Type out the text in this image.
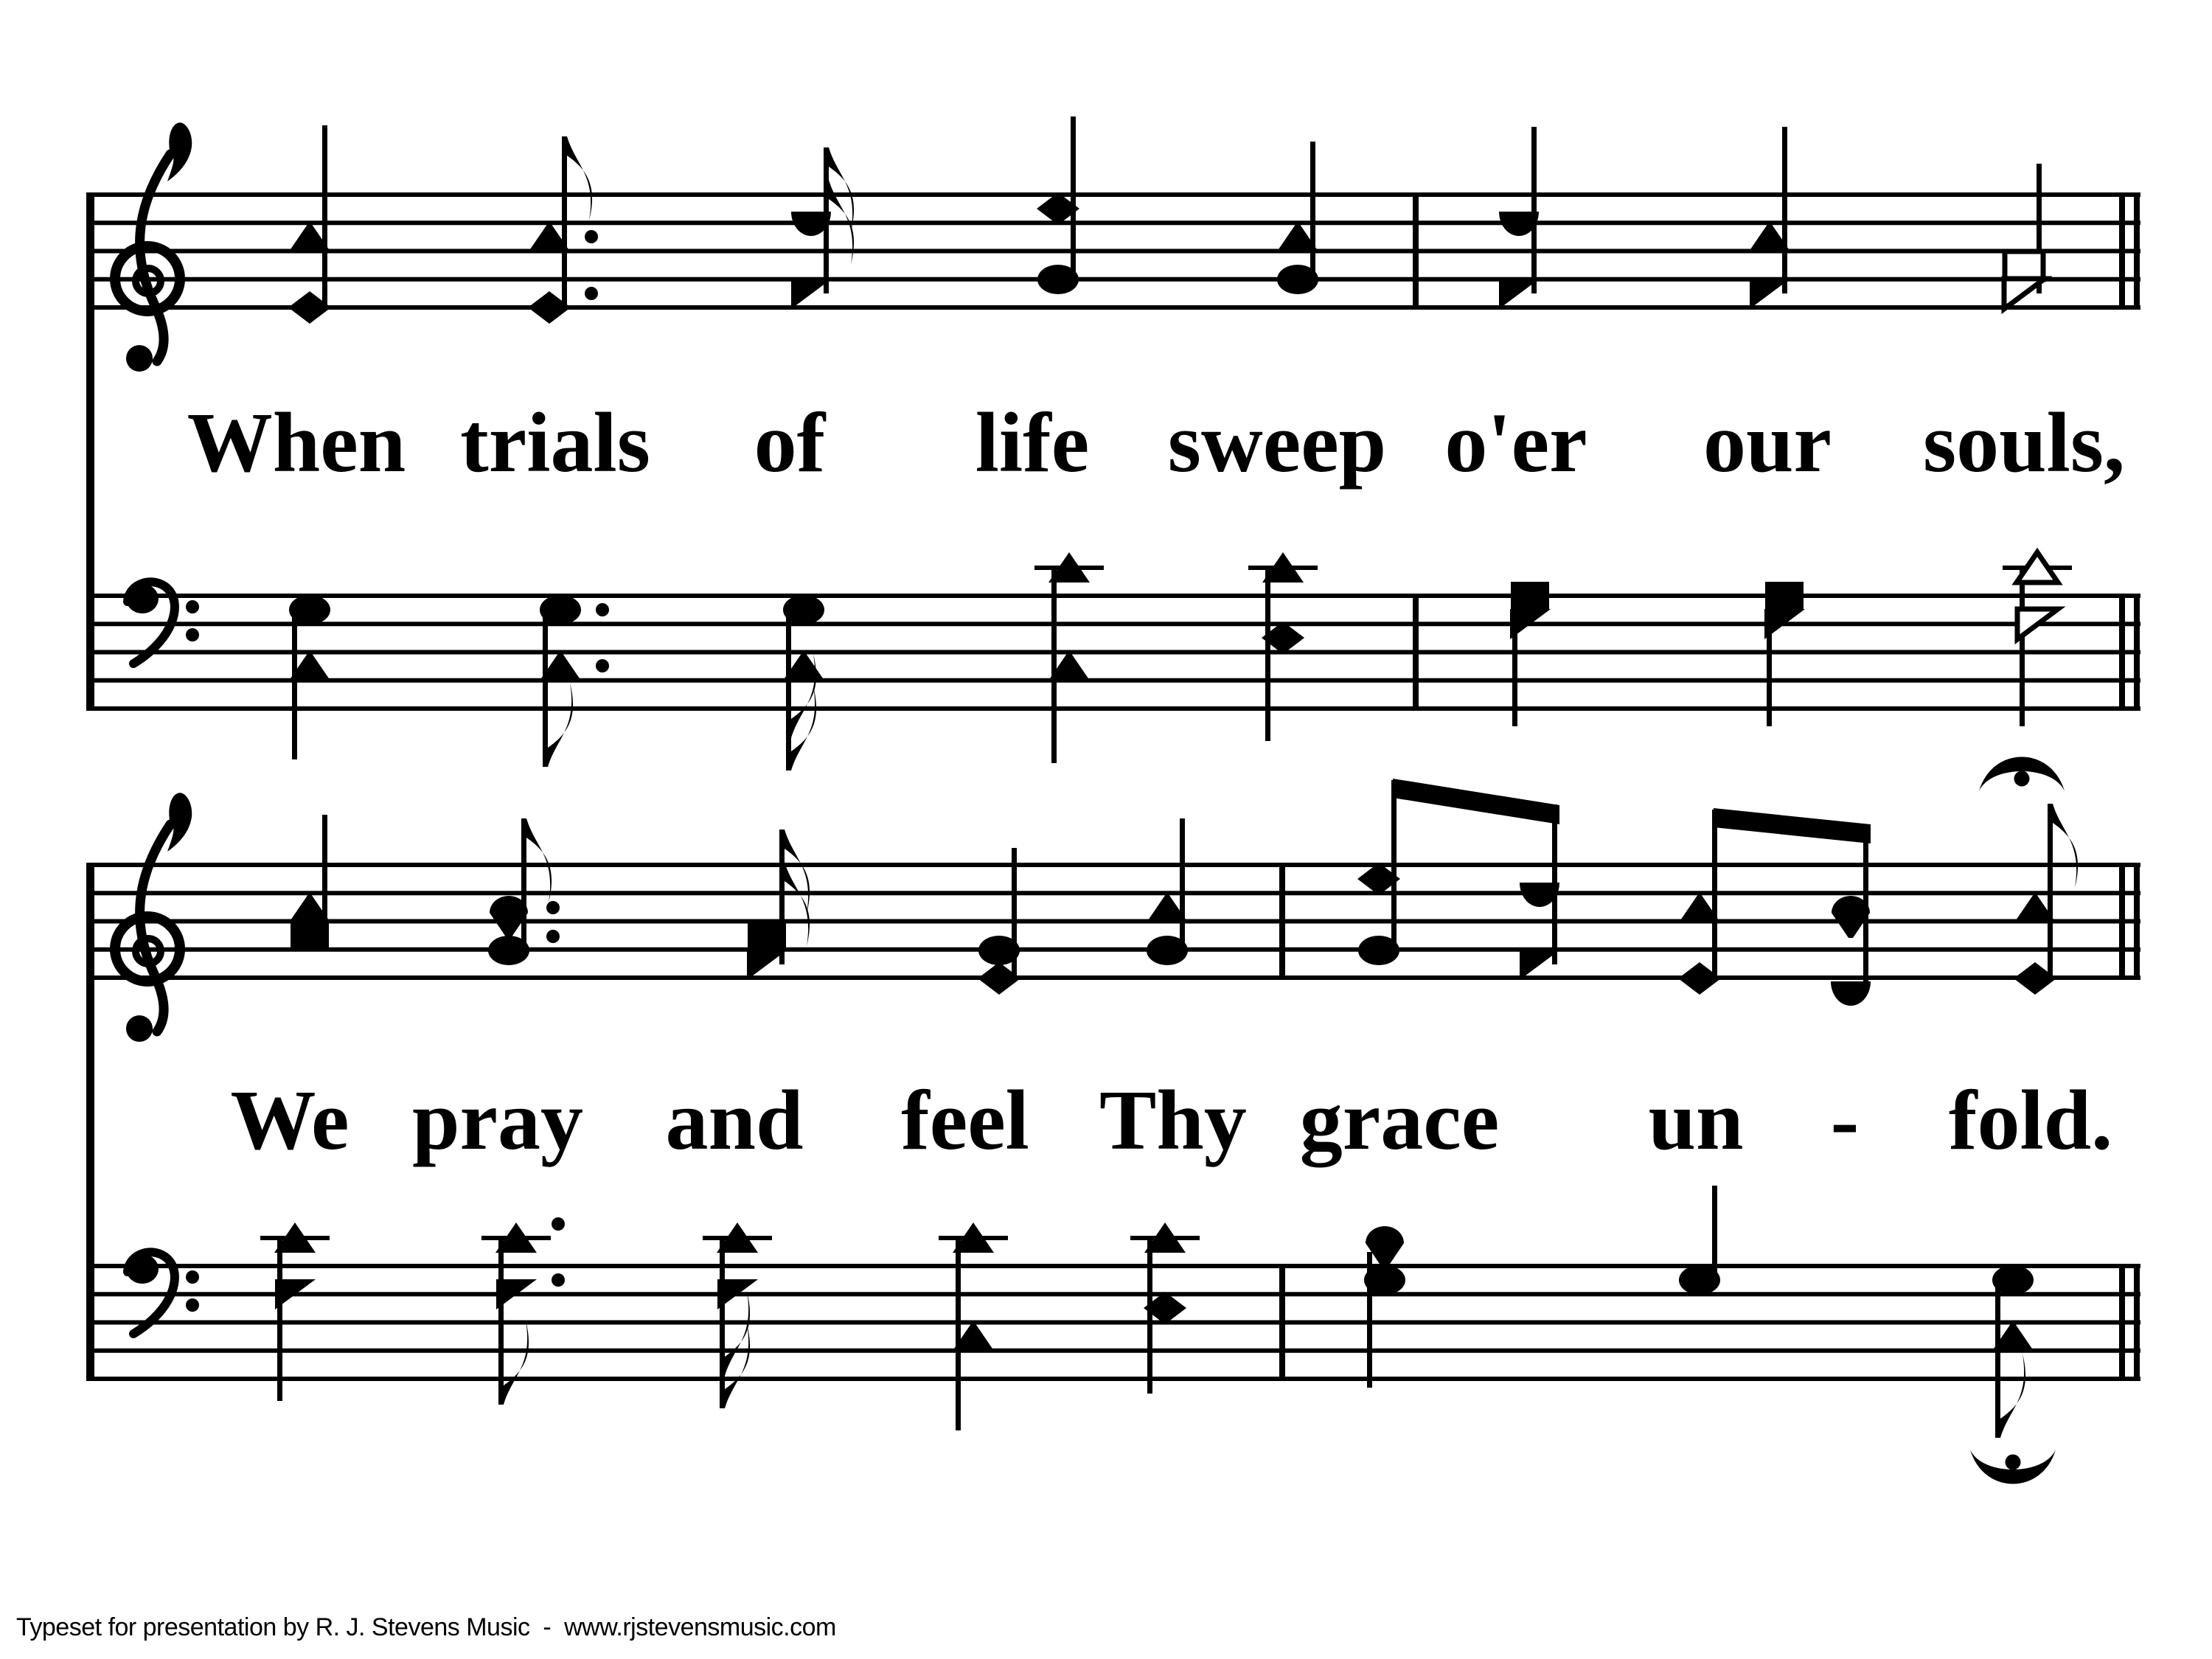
When trials of life sweep o'er our souls,
We pray and feel Thy grace un - fold.
Typeset for presentation by R. J. Stevens Music  -  www.rjstevensmusic.com
